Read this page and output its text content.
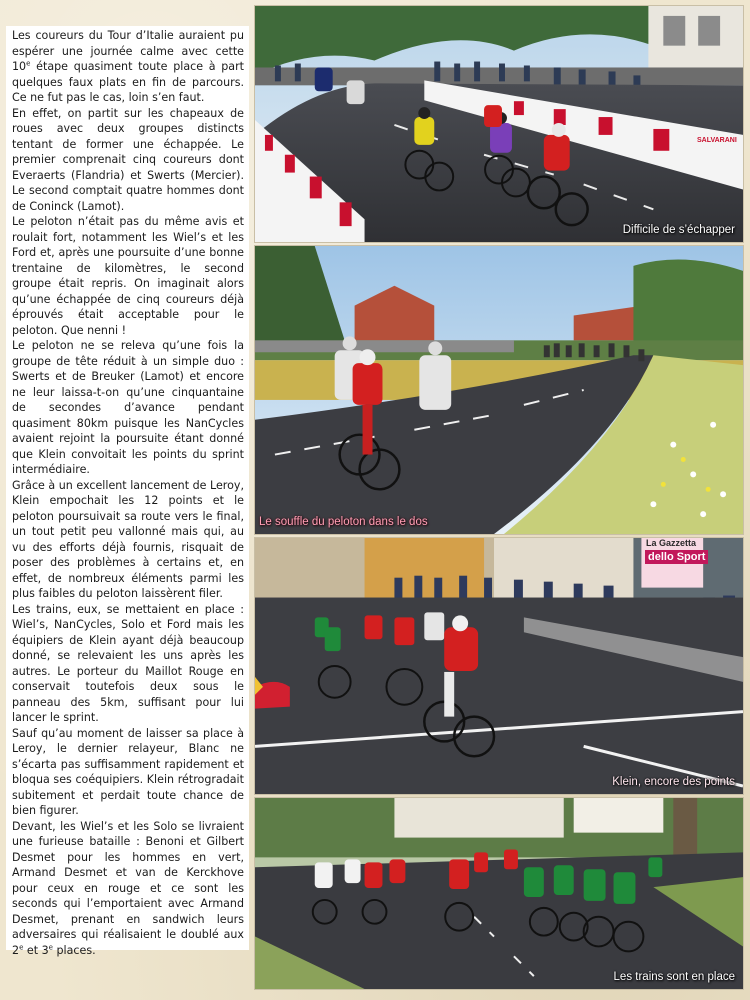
Les coureurs du Tour d’Italie auraient pu espérer une journée calme avec cette 10e étape quasiment toute place à part quelques faux plats en fin de parcours. Ce ne fut pas le cas, loin s’en faut.

En effet, on partit sur les chapeaux de roues avec deux groupes distincts tentant de former une échappée. Le premier comprenait cinq coureurs dont Everaerts (Flandria) et Swerts (Mercier). Le second comptait quatre hommes dont de Coninck (Lamot).

Le peloton n’était pas du même avis et roulait fort, notamment les Wiel’s et les Ford et, après une poursuite d’une bonne trentaine de kilomètres, le second groupe était repris. On imaginait alors qu’une échappée de cinq coureurs déjà éprouvés était acceptable pour le peloton. Que nenni !

Le peloton ne se releva qu’une fois la groupe de tête réduit à un simple duo : Swerts et de Breuker (Lamot) et encore ne leur laissa-t-on qu’une cinquantaine de secondes d’avance pendant quasiment 80km puisque les NanCycles avaient rejoint la poursuite étant donné que Klein convoitait les points du sprint intermédiaire.

Grâce à un excellent lancement de Leroy, Klein empochait les 12 points et le peloton poursuivait sa route vers le final, un tout petit peu vallonné mais qui, au vu des efforts déjà fournis, risquait de poser des problèmes à certains et, en effet, de nombreux éléments parmi les plus faibles du peloton laissèrent filer.

Les trains, eux, se mettaient en place : Wiel’s, NanCycles, Solo et Ford mais les équipiers de Klein ayant déjà beaucoup donné, se relevaient les uns après les autres. Le porteur du Maillot Rouge en conservait toutefois deux sous le panneau des 5km, suffisant pour lui lancer le sprint.

Sauf qu’au moment de laisser sa place à Leroy, le dernier relayeur, Blanc ne s’écarta pas suffisamment rapidement et bloqua ses coéquipiers. Klein rétrogradait subitement et perdait toute chance de bien figurer.

Devant, les Wiel’s et les Solo se livraient une furieuse bataille : Benoni et Gilbert Desmet pour les hommes en vert, Armand Desmet et van de Kerckhove pour ceux en rouge et ce sont les seconds qui l’emportaient avec Armand Desmet, prenant en sandwich leurs adversaires qui réalisaient le doublé aux 2e et 3e places.

SALVARANI
Difficile de s’échapper
Le souffle du peloton dans le dos
La Gazzetta
dello Sport
Klein, encore des points
Les trains sont en place
